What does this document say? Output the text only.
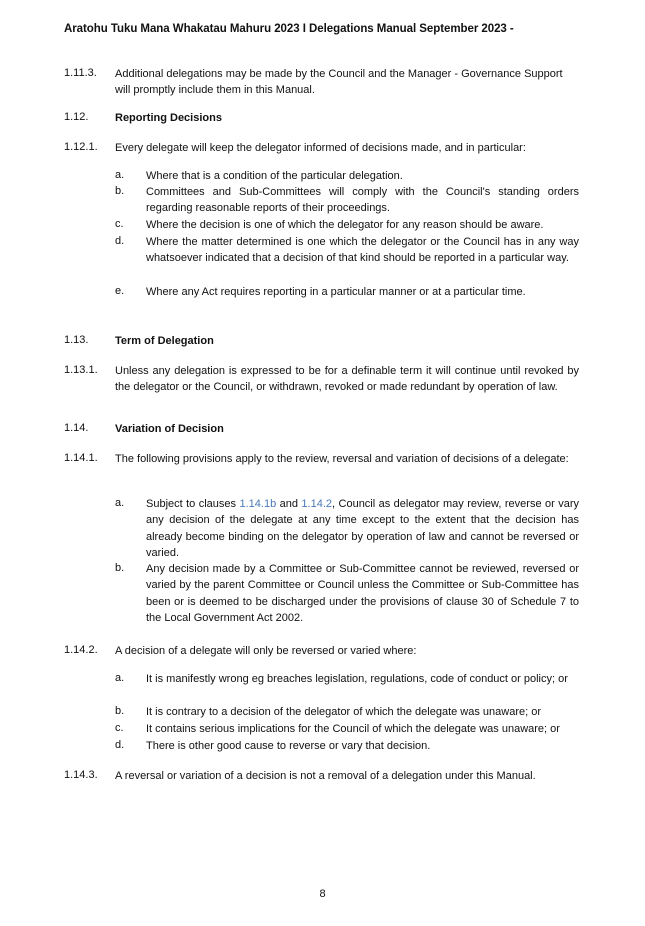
Aratohu Tuku Mana Whakatau Mahuru 2023 I Delegations Manual September 2023 -
1.11.3. Additional delegations may be made by the Council and the Manager - Governance Support will promptly include them in this Manual.
1.12. Reporting Decisions
1.12.1. Every delegate will keep the delegator informed of decisions made, and in particular:
a. Where that is a condition of the particular delegation.
b. Committees and Sub-Committees will comply with the Council's standing orders regarding reasonable reports of their proceedings.
c. Where the decision is one of which the delegator for any reason should be aware.
d. Where the matter determined is one which the delegator or the Council has in any way whatsoever indicated that a decision of that kind should be reported in a particular way.
e. Where any Act requires reporting in a particular manner or at a particular time.
1.13. Term of Delegation
1.13.1. Unless any delegation is expressed to be for a definable term it will continue until revoked by the delegator or the Council, or withdrawn, revoked or made redundant by operation of law.
1.14. Variation of Decision
1.14.1. The following provisions apply to the review, reversal and variation of decisions of a delegate:
a. Subject to clauses 1.14.1b and 1.14.2, Council as delegator may review, reverse or vary any decision of the delegate at any time except to the extent that the decision has already become binding on the delegator by operation of law and cannot be reversed or varied.
b. Any decision made by a Committee or Sub-Committee cannot be reviewed, reversed or varied by the parent Committee or Council unless the Committee or Sub-Committee has been or is deemed to be discharged under the provisions of clause 30 of Schedule 7 to the Local Government Act 2002.
1.14.2. A decision of a delegate will only be reversed or varied where:
a. It is manifestly wrong eg breaches legislation, regulations, code of conduct or policy; or
b. It is contrary to a decision of the delegator of which the delegate was unaware; or
c. It contains serious implications for the Council of which the delegate was unaware; or
d. There is other good cause to reverse or vary that decision.
1.14.3. A reversal or variation of a decision is not a removal of a delegation under this Manual.
8
